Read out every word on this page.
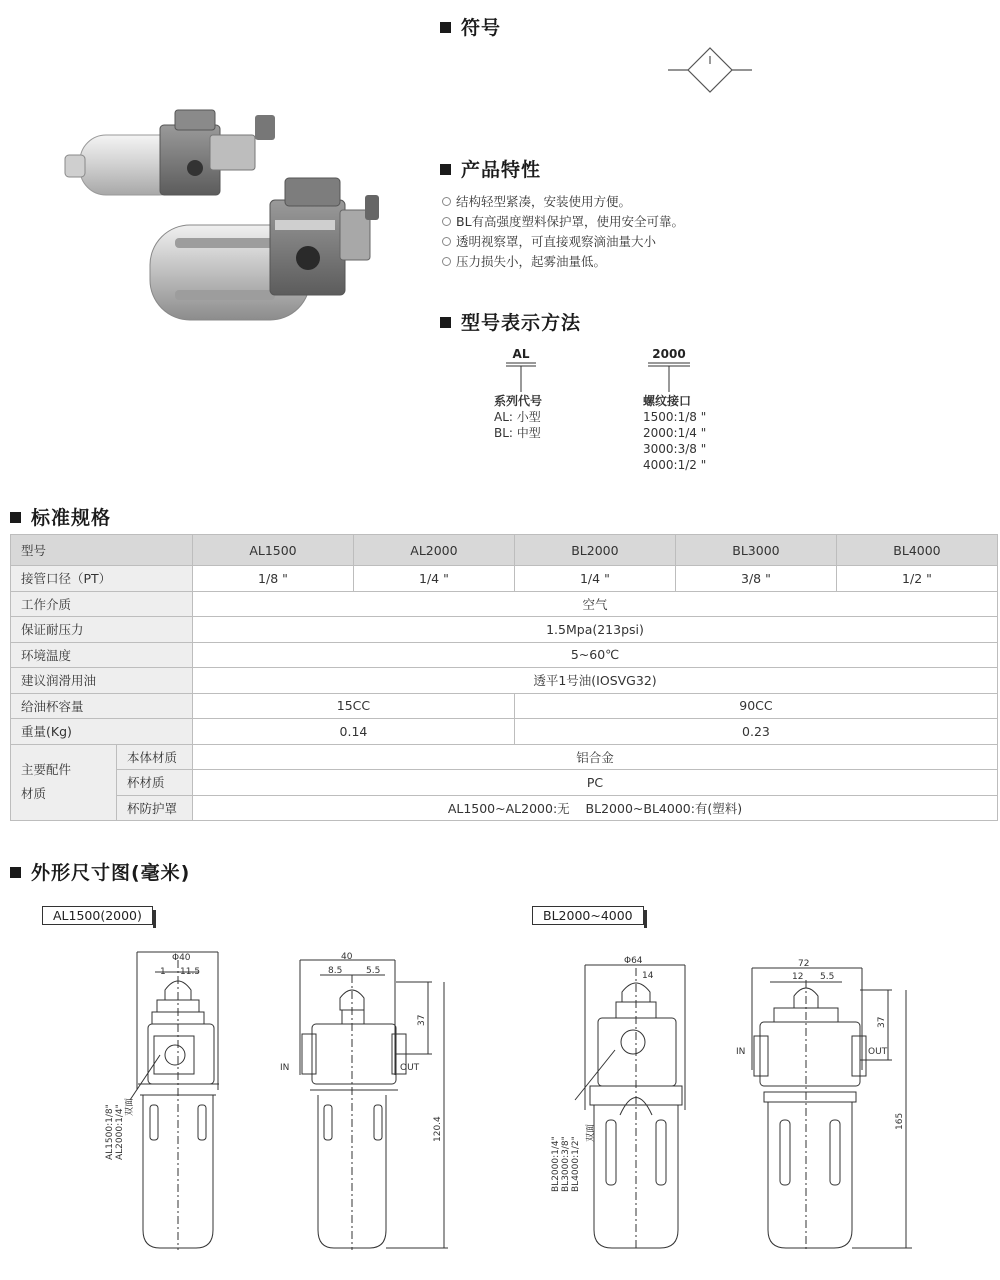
符号
产品特性
结构轻型紧凑，安装使用方便。
BL有高强度塑料保护罩，使用安全可靠。
透明视察罩，可直接观察滴油量大小
压力损失小，起雾油量低。
型号表示方法
AL	2000
系列代号
AL: 小型
BL: 中型
螺纹接口
1500:1/8 "
2000:1/4 "
3000:3/8 "
4000:1/2 "
标准规格
型号		AL1500	AL2000	BL2000	BL3000	BL4000
接管口径（PT）		1/8 "	1/4 "	1/4 "	3/8 "	1/2 "
工作介质		空气				
保证耐压力		1.5Mpa(213psi)				
环境温度		5~60℃				
建议润滑用油		透平1号油(IOSVG32)				
给油杯容量		15CC		90CC		
重量(Kg)		0.14		0.23		
主要配件
材质	本体材质	铝合金				
	杯材质	PC				
	杯防护罩	AL1500~AL2000:无    BL2000~BL4000:有(塑料)				
外形尺寸图(毫米)
AL1500(2000)	BL2000~4000
Φ40
1 11.5
AL1500:1/8" AL2000:1/4" 双面
40
8.5	5.5
37
120.4
IN	OUT
Φ64
14
BL2000:1/4" BL3000:3/8" BL4000:1/2"
双面
72
12 5.5
37
165
IN	OUT
